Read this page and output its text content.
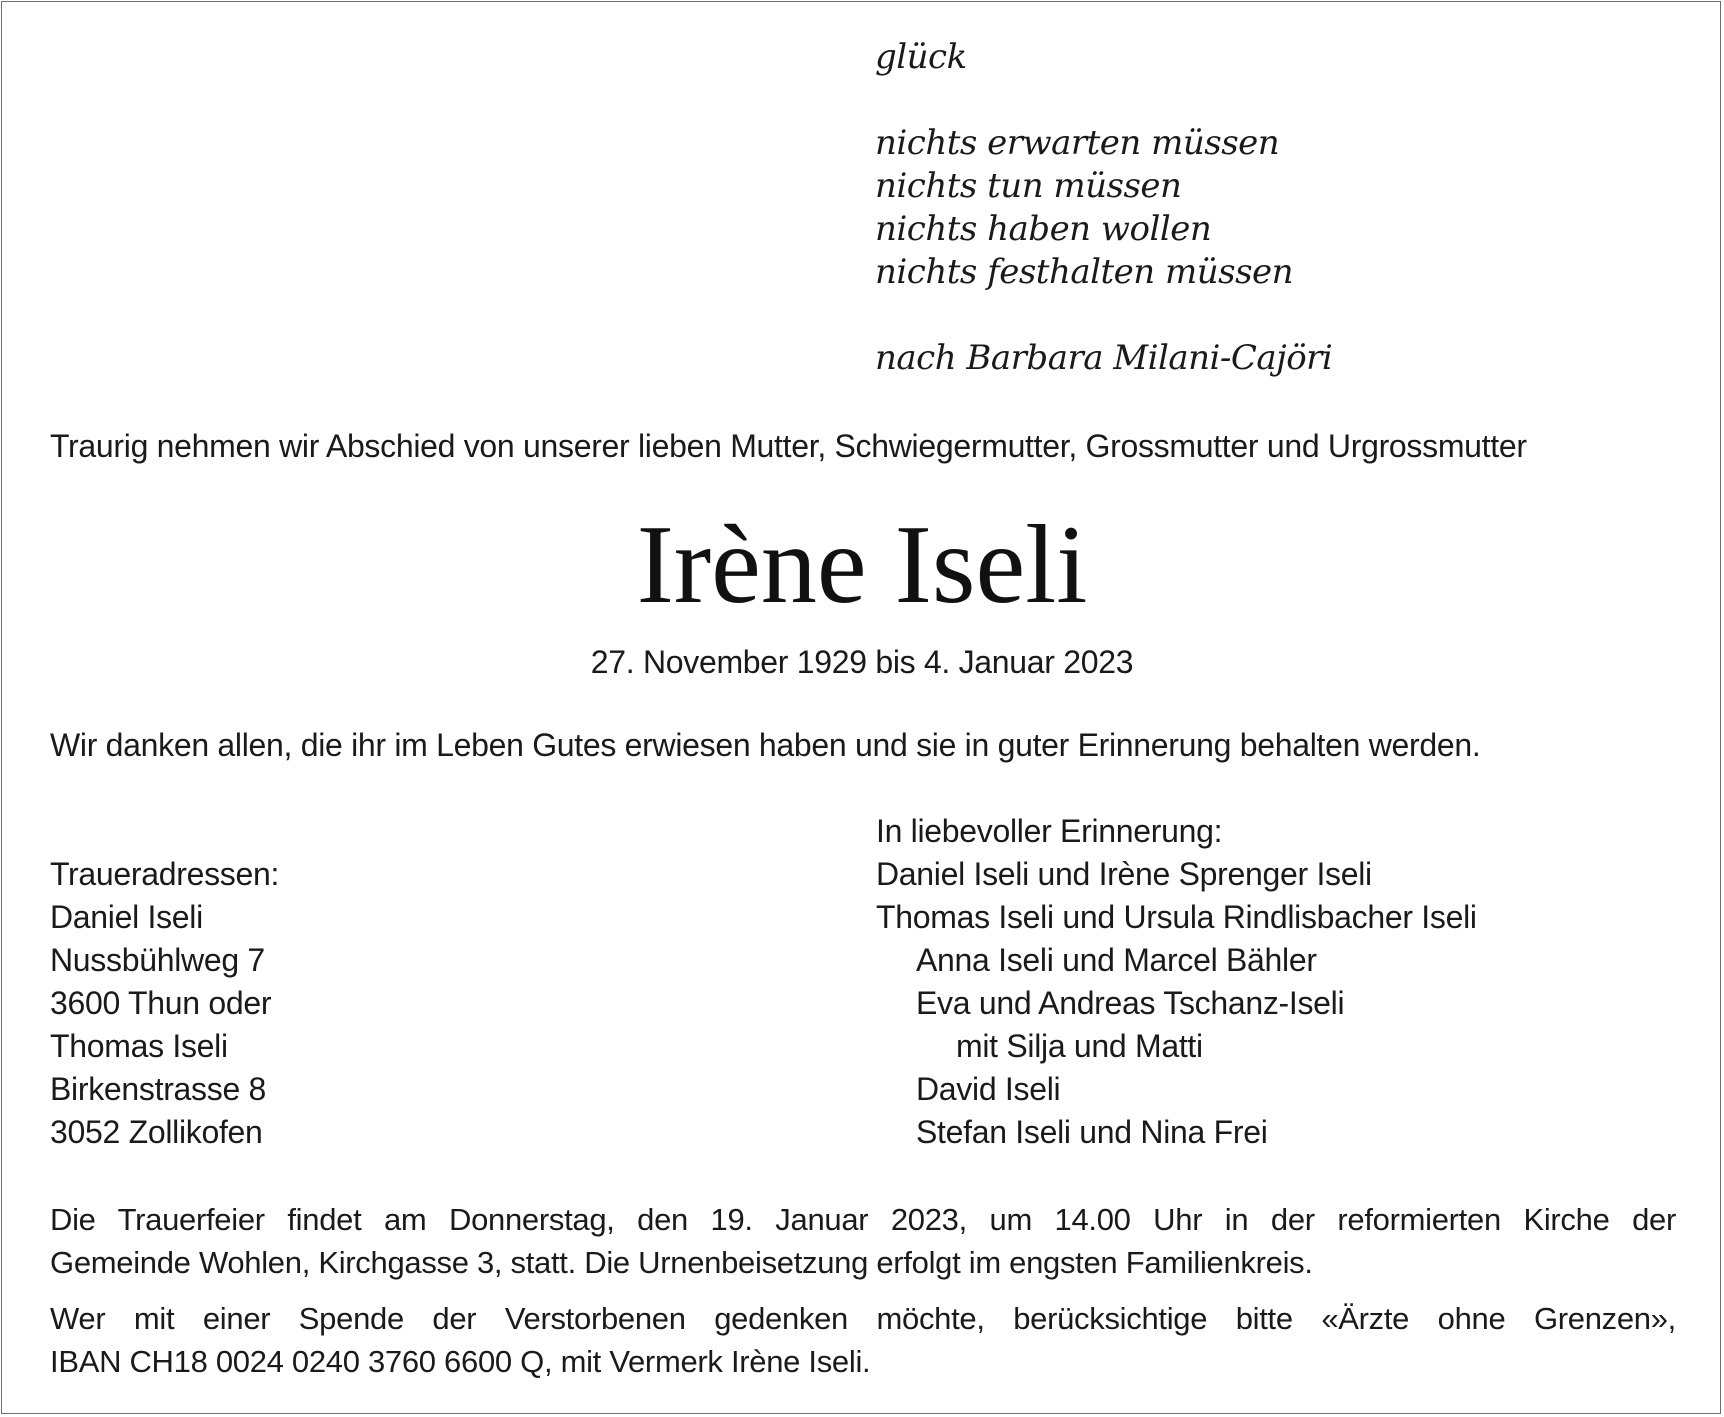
glück
nichts erwarten müssen
nichts tun müssen
nichts haben wollen
nichts festhalten müssen
nach Barbara Milani-Cajöri
Traurig nehmen wir Abschied von unserer lieben Mutter, Schwiegermutter, Grossmutter und Urgrossmutter
Irène Iseli
27. November 1929 bis 4. Januar 2023
Wir danken allen, die ihr im Leben Gutes erwiesen haben und sie in guter Erinnerung behalten werden.
Traueradressen:
Daniel Iseli
Nussbühlweg 7
3600 Thun oder
Thomas Iseli
Birkenstrasse 8
3052 Zollikofen
In liebevoller Erinnerung:
Daniel Iseli und Irène Sprenger Iseli
Thomas Iseli und Ursula Rindlisbacher Iseli
Anna Iseli und Marcel Bähler
Eva und Andreas Tschanz-Iseli
mit Silja und Matti
David Iseli
Stefan Iseli und Nina Frei
Die Trauerfeier findet am Donnerstag, den 19. Januar 2023, um 14.00 Uhr in der reformierten Kirche der
Gemeinde Wohlen, Kirchgasse 3, statt. Die Urnenbeisetzung erfolgt im engsten Familienkreis.
Wer mit einer Spende der Verstorbenen gedenken möchte, berücksichtige bitte «Ärzte ohne Grenzen»,
IBAN CH18 0024 0240 3760 6600 Q, mit Vermerk Irène Iseli.
